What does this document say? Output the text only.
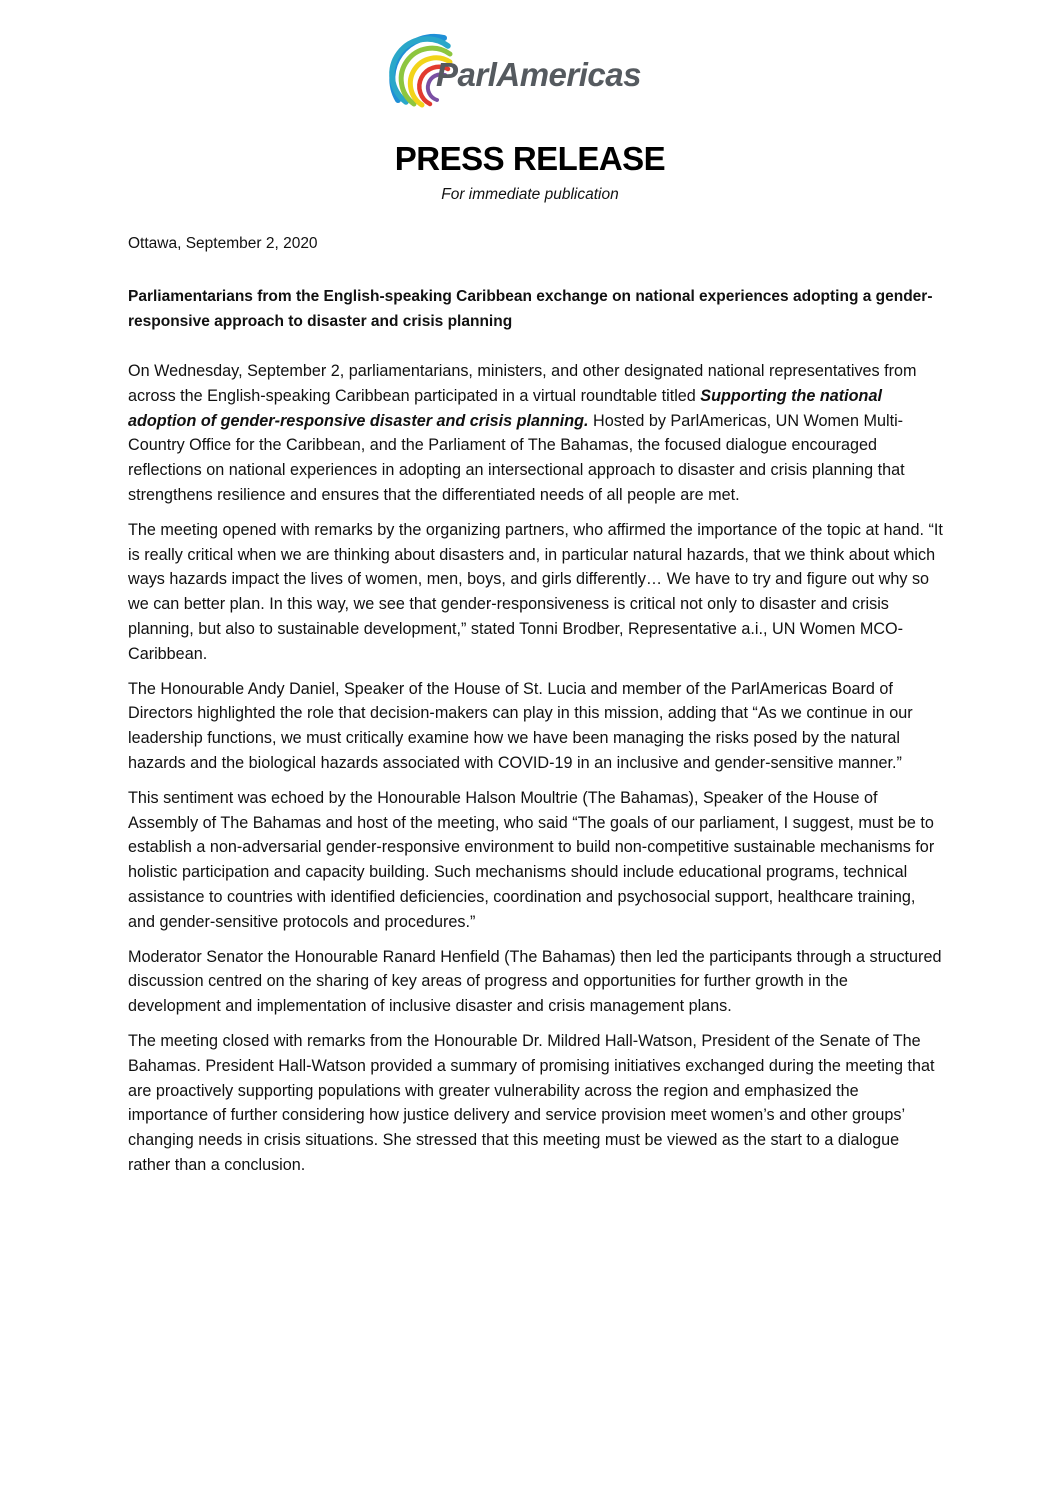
ParlAmericas
PRESS RELEASE
For immediate publication
Ottawa, September 2, 2020
Parliamentarians from the English-speaking Caribbean exchange on national experiences adopting a gender-responsive approach to disaster and crisis planning

On Wednesday, September 2, parliamentarians, ministers, and other designated national representatives from across the English-speaking Caribbean participated in a virtual roundtable titled Supporting the national adoption of gender-responsive disaster and crisis planning. Hosted by ParlAmericas, UN Women Multi-Country Office for the Caribbean, and the Parliament of The Bahamas, the focused dialogue encouraged reflections on national experiences in adopting an intersectional approach to disaster and crisis planning that strengthens resilience and ensures that the differentiated needs of all people are met.

The meeting opened with remarks by the organizing partners, who affirmed the importance of the topic at hand. “It is really critical when we are thinking about disasters and, in particular natural hazards, that we think about which ways hazards impact the lives of women, men, boys, and girls differently… We have to try and figure out why so we can better plan. In this way, we see that gender-responsiveness is critical not only to disaster and crisis planning, but also to sustainable development,” stated Tonni Brodber, Representative a.i., UN Women MCO-Caribbean.

The Honourable Andy Daniel, Speaker of the House of St. Lucia and member of the ParlAmericas Board of Directors highlighted the role that decision-makers can play in this mission, adding that “As we continue in our leadership functions, we must critically examine how we have been managing the risks posed by the natural hazards and the biological hazards associated with COVID-19 in an inclusive and gender-sensitive manner.”

This sentiment was echoed by the Honourable Halson Moultrie (The Bahamas), Speaker of the House of Assembly of The Bahamas and host of the meeting, who said “The goals of our parliament, I suggest, must be to establish a non-adversarial gender-responsive environment to build non-competitive sustainable mechanisms for holistic participation and capacity building. Such mechanisms should include educational programs, technical assistance to countries with identified deficiencies, coordination and psychosocial support, healthcare training, and gender-sensitive protocols and procedures.”

Moderator Senator the Honourable Ranard Henfield (The Bahamas) then led the participants through a structured discussion centred on the sharing of key areas of progress and opportunities for further growth in the development and implementation of inclusive disaster and crisis management plans.

The meeting closed with remarks from the Honourable Dr. Mildred Hall-Watson, President of the Senate of The Bahamas. President Hall-Watson provided a summary of promising initiatives exchanged during the meeting that are proactively supporting populations with greater vulnerability across the region and emphasized the importance of further considering how justice delivery and service provision meet women’s and other groups’ changing needs in crisis situations. She stressed that this meeting must be viewed as the start to a dialogue rather than a conclusion.
